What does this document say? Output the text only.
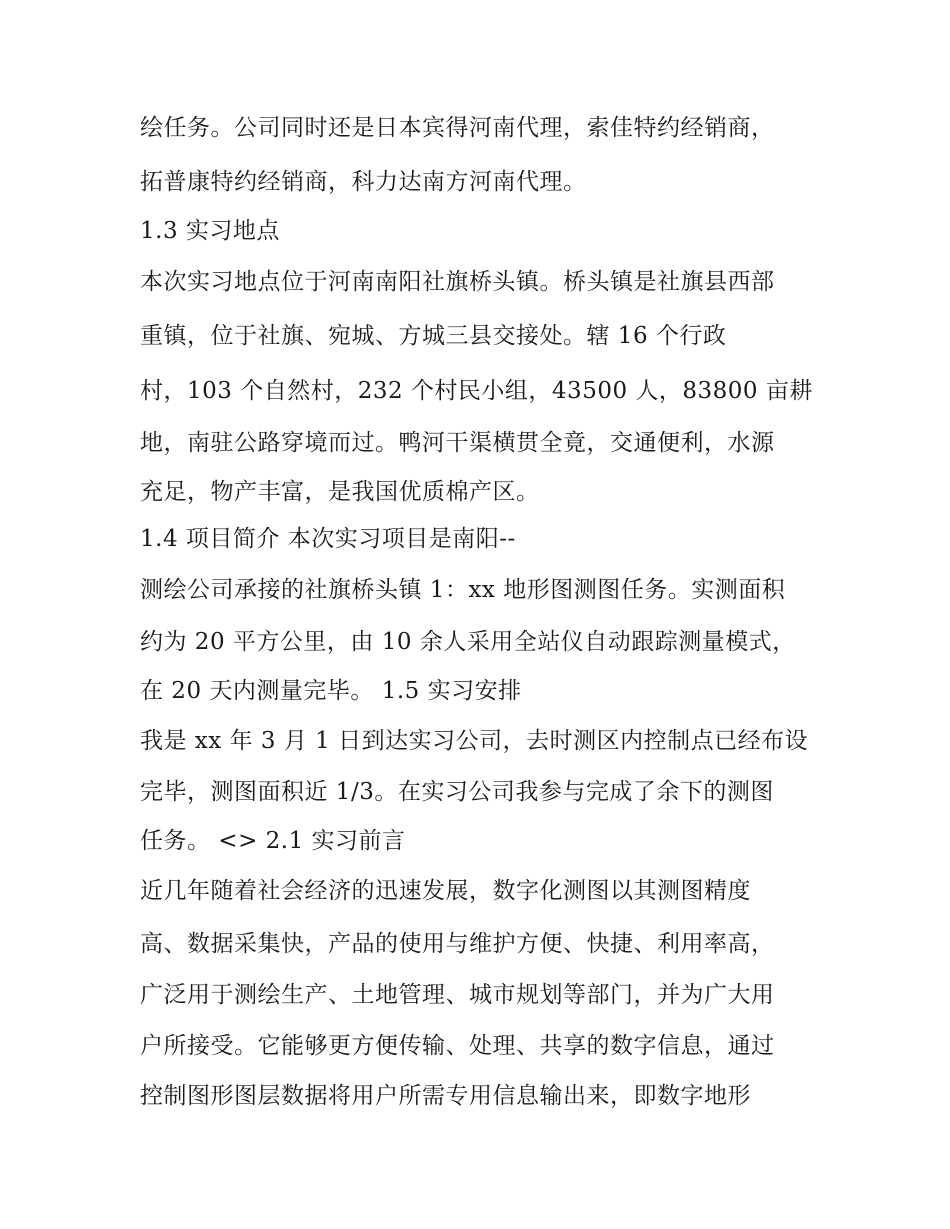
绘任务。公司同时还是日本宾得河南代理，索佳特约经销商，
拓普康特约经销商，科力达南方河南代理。
1.3 实习地点
本次实习地点位于河南南阳社旗桥头镇。桥头镇是社旗县西部
重镇，位于社旗、宛城、方城三县交接处。辖 16 个行政
村，103 个自然村，232 个村民小组，43500 人，83800 亩耕
地，南驻公路穿境而过。鸭河干渠横贯全竟，交通便利，水源
充足，物产丰富，是我国优质棉产区。
1.4 项目简介 本次实习项目是南阳--
测绘公司承接的社旗桥头镇 1：xx 地形图测图任务。实测面积
约为 20 平方公里，由 10 余人采用全站仪自动跟踪测量模式，
在 20 天内测量完毕。 1.5 实习安排
我是 xx 年 3 月 1 日到达实习公司，去时测区内控制点已经布设
完毕，测图面积近 1/3。在实习公司我参与完成了余下的测图
任务。 <> 2.1 实习前言
近几年随着社会经济的迅速发展，数字化测图以其测图精度
高、数据采集快，产品的使用与维护方便、快捷、利用率高，
广泛用于测绘生产、土地管理、城市规划等部门，并为广大用
户所接受。它能够更方便传输、处理、共享的数字信息，通过
控制图形图层数据将用户所需专用信息输出来，即数字地形
